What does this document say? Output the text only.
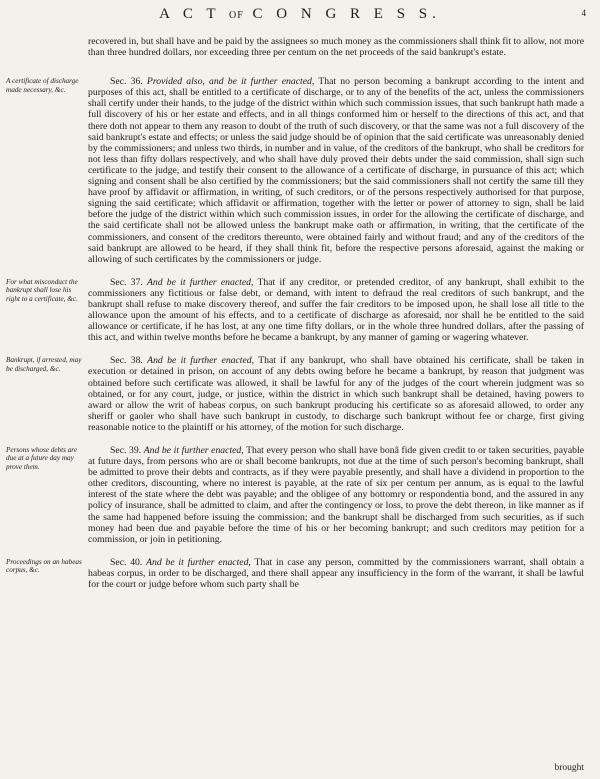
A C T OF C O N G R E S S.	4

recovered in, but shall have and be paid by the assignees so much money as the commissioners shall think fit to allow, not more than three hundred dollars, nor exceeding three per centum on the net proceeds of the said bankrupt's estate.

Sec. 36. Provided also, and be it further enacted, That no person becoming a bankrupt according to the intent and purposes of this act, shall be entitled to a certificate of discharge, or to any of the benefits of the act, unless the commissioners shall certify under their hands, to the judge of the district within which such commission issues, that such bankrupt hath made a full discovery of his or her estate and effects, and in all things conformed him or herself to the directions of this act, and that there doth not appear to them any reason to doubt of the truth of such discovery, or that the same was not a full discovery of the said bankrupt's estate and effects; or unless the said judge should be of opinion that the said certificate was unreasonably denied by the commissioners; and unless two thirds, in number and in value, of the creditors of the bankrupt, who shall be creditors for not less than fifty dollars respectively, and who shall have duly proved their debts under the said commission, shall sign such certificate to the judge, and testify their consent to the allowance of a certificate of discharge, in pursuance of this act; which signing and consent shall be also certified by the commissioners; but the said commissioners shall not certify the same till they have proof by affidavit or affirmation, in writing, of such creditors, or of the persons respectively authorised for that purpose, signing the said certificate; which affidavit or affirmation, together with the letter or power of attorney to sign, shall be laid before the judge of the district within which such commission issues, in order for the allowing the certificate of discharge, and the said certificate shall not be allowed unless the bankrupt make oath or affirmation, in writing, that the certificate of the commissioners, and consent of the creditors thereunto, were obtained fairly and without fraud; and any of the creditors of the said bankrupt are allowed to be heard, if they shall think fit, before the respective persons aforesaid, against the making or allowing of such certificates by the commissioners or judge.

Sec. 37. And be it further enacted, That if any creditor, or pretended creditor, of any bankrupt, shall exhibit to the commissioners any fictitious or false debt, or demand, with intent to defraud the real creditors of such bankrupt, and the bankrupt shall refuse to make discovery thereof, and suffer the fair creditors to be imposed upon, he shall lose all title to the allowance upon the amount of his effects, and to a certificate of discharge as aforesaid, nor shall he be entitled to the said allowance or certificate, if he has lost, at any one time fifty dollars, or in the whole three hundred dollars, after the passing of this act, and within twelve months before he became a bankrupt, by any manner of gaming or wagering whatever.

Sec. 38. And be it further enacted, That if any bankrupt, who shall have obtained his certificate, shall be taken in execution or detained in prison, on account of any debts owing before he became a bankrupt, by reason that judgment was obtained before such certificate was allowed, it shall be lawful for any of the judges of the court wherein judgment was so obtained, or for any court, judge, or justice, within the district in which such bankrupt shall be detained, having powers to award or allow the writ of habeas corpus, on such bankrupt producing his certificate so as aforesaid allowed, to order any sheriff or gaoler who shall have such bankrupt in custody, to discharge such bankrupt without fee or charge, first giving reasonable notice to the plaintiff or his attorney, of the motion for such discharge.

Sec. 39. And be it further enacted, That every person who shall have bonâ fide given credit to or taken securities, payable at future days, from persons who are or shall become bankrupts, not due at the time of such person's becoming bankrupt, shall be admitted to prove their debts and contracts, as if they were payable presently, and shall have a dividend in proportion to the other creditors, discounting, where no interest is payable, at the rate of six per centum per annum, as is equal to the lawful interest of the state where the debt was payable; and the obligee of any bottomry or respondentia bond, and the assured in any policy of insurance, shall be admitted to claim, and after the contingency or loss, to prove the debt thereon, in like manner as if the same had happened before issuing the commission; and the bankrupt shall be discharged from such securities, as if such money had been due and payable before the time of his or her becoming bankrupt; and such creditors may petition for a commission, or join in petitioning.

Sec. 40. And be it further enacted, That in case any person, committed by the commissioners warrant, shall obtain a habeas corpus, in order to be discharged, and there shall appear any insufficiency in the form of the warrant, it shall be lawful for the court or judge before whom such party shall be

A certificate of discharge made necessary, &c.
For what misconduct the bankrupt shall lose his right to a certificate, &c.
Bankrupt, if arrested, may be discharged, &c.
Persons whose debts are due at a future day may prove them.
Proceedings on an habeas corpus, &c.
brought
